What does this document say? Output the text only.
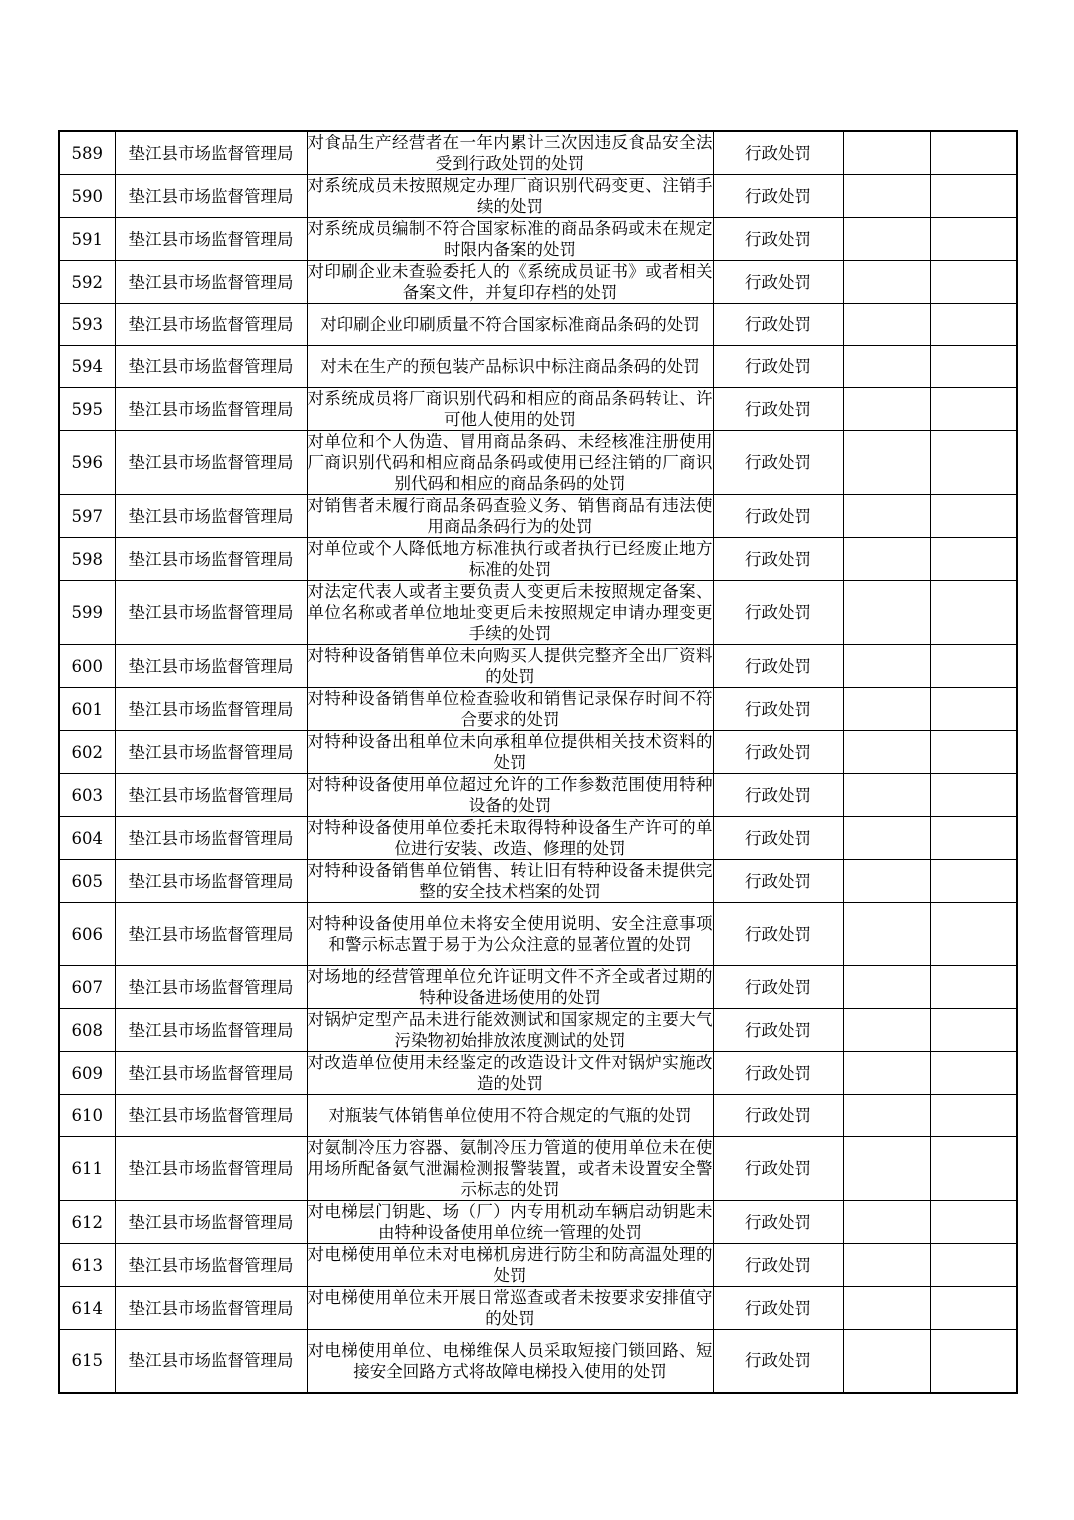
589	垫江县市场监督管理局	对食品生产经营者在一年内累计三次因违反食品安全法受到行政处罚的处罚	行政处罚		
590	垫江县市场监督管理局	对系统成员未按照规定办理厂商识别代码变更、注销手续的处罚	行政处罚		
591	垫江县市场监督管理局	对系统成员编制不符合国家标准的商品条码或未在规定时限内备案的处罚	行政处罚		
592	垫江县市场监督管理局	对印刷企业未查验委托人的《系统成员证书》或者相关备案文件，并复印存档的处罚	行政处罚		
593	垫江县市场监督管理局	对印刷企业印刷质量不符合国家标准商品条码的处罚	行政处罚		
594	垫江县市场监督管理局	对未在生产的预包装产品标识中标注商品条码的处罚	行政处罚		
595	垫江县市场监督管理局	对系统成员将厂商识别代码和相应的商品条码转让、许可他人使用的处罚	行政处罚		
596	垫江县市场监督管理局	对单位和个人伪造、冒用商品条码、未经核准注册使用厂商识别代码和相应商品条码或使用已经注销的厂商识别代码和相应的商品条码的处罚	行政处罚		
597	垫江县市场监督管理局	对销售者未履行商品条码查验义务、销售商品有违法使用商品条码行为的处罚	行政处罚		
598	垫江县市场监督管理局	对单位或个人降低地方标准执行或者执行已经废止地方标准的处罚	行政处罚		
599	垫江县市场监督管理局	对法定代表人或者主要负责人变更后未按照规定备案、单位名称或者单位地址变更后未按照规定申请办理变更手续的处罚	行政处罚		
600	垫江县市场监督管理局	对特种设备销售单位未向购买人提供完整齐全出厂资料的处罚	行政处罚		
601	垫江县市场监督管理局	对特种设备销售单位检查验收和销售记录保存时间不符合要求的处罚	行政处罚		
602	垫江县市场监督管理局	对特种设备出租单位未向承租单位提供相关技术资料的处罚	行政处罚		
603	垫江县市场监督管理局	对特种设备使用单位超过允许的工作参数范围使用特种设备的处罚	行政处罚		
604	垫江县市场监督管理局	对特种设备使用单位委托未取得特种设备生产许可的单位进行安装、改造、修理的处罚	行政处罚		
605	垫江县市场监督管理局	对特种设备销售单位销售、转让旧有特种设备未提供完整的安全技术档案的处罚	行政处罚		
606	垫江县市场监督管理局	对特种设备使用单位未将安全使用说明、安全注意事项和警示标志置于易于为公众注意的显著位置的处罚	行政处罚		
607	垫江县市场监督管理局	对场地的经营管理单位允许证明文件不齐全或者过期的特种设备进场使用的处罚	行政处罚		
608	垫江县市场监督管理局	对锅炉定型产品未进行能效测试和国家规定的主要大气污染物初始排放浓度测试的处罚	行政处罚		
609	垫江县市场监督管理局	对改造单位使用未经鉴定的改造设计文件对锅炉实施改造的处罚	行政处罚		
610	垫江县市场监督管理局	对瓶装气体销售单位使用不符合规定的气瓶的处罚	行政处罚		
611	垫江县市场监督管理局	对氨制冷压力容器、氨制冷压力管道的使用单位未在使用场所配备氨气泄漏检测报警装置，或者未设置安全警示标志的处罚	行政处罚		
612	垫江县市场监督管理局	对电梯层门钥匙、场（厂）内专用机动车辆启动钥匙未由特种设备使用单位统一管理的处罚	行政处罚		
613	垫江县市场监督管理局	对电梯使用单位未对电梯机房进行防尘和防高温处理的处罚	行政处罚		
614	垫江县市场监督管理局	对电梯使用单位未开展日常巡查或者未按要求安排值守的处罚	行政处罚		
615	垫江县市场监督管理局	对电梯使用单位、电梯维保人员采取短接门锁回路、短接安全回路方式将故障电梯投入使用的处罚	行政处罚		
